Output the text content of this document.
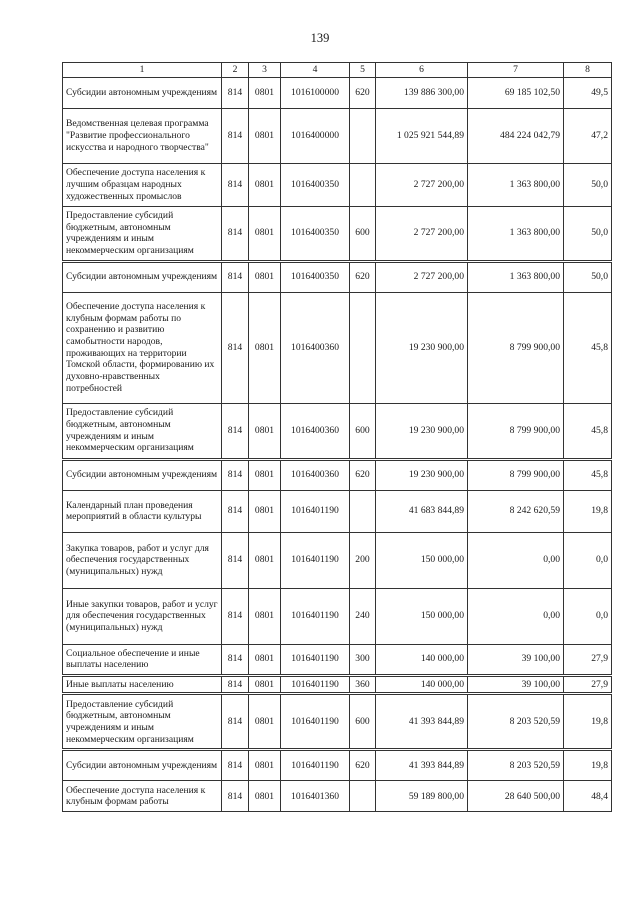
139
1	2	3	4	5	6	7	8
Субсидии автономным учреждениям	814	0801	1016100000	620	139 886 300,00	69 185 102,50	49,5
Ведомственная целевая программа "Развитие профессионального искусства и народного творчества"	814	0801	1016400000		1 025 921 544,89	484 224 042,79	47,2
Обеспечение доступа населения к лучшим образцам народных художественных промыслов	814	0801	1016400350		2 727 200,00	1 363 800,00	50,0
Предоставление субсидий бюджетным, автономным учреждениям и иным некоммерческим организациям	814	0801	1016400350	600	2 727 200,00	1 363 800,00	50,0
Субсидии автономным учреждениям	814	0801	1016400350	620	2 727 200,00	1 363 800,00	50,0
Обеспечение доступа населения к клубным формам работы по сохранению и развитию самобытности народов, проживающих на территории Томской области, формированию их духовно-нравственных потребностей	814	0801	1016400360		19 230 900,00	8 799 900,00	45,8
Предоставление субсидий бюджетным, автономным учреждениям и иным некоммерческим организациям	814	0801	1016400360	600	19 230 900,00	8 799 900,00	45,8
Субсидии автономным учреждениям	814	0801	1016400360	620	19 230 900,00	8 799 900,00	45,8
Календарный план проведения мероприятий в области культуры	814	0801	1016401190		41 683 844,89	8 242 620,59	19,8
Закупка товаров, работ и услуг для обеспечения государственных (муниципальных) нужд	814	0801	1016401190	200	150 000,00	0,00	0,0
Иные закупки товаров, работ и услуг для обеспечения государственных (муниципальных) нужд	814	0801	1016401190	240	150 000,00	0,00	0,0
Социальное обеспечение и иные выплаты населению	814	0801	1016401190	300	140 000,00	39 100,00	27,9
Иные выплаты населению	814	0801	1016401190	360	140 000,00	39 100,00	27,9
Предоставление субсидий бюджетным, автономным учреждениям и иным некоммерческим организациям	814	0801	1016401190	600	41 393 844,89	8 203 520,59	19,8
Субсидии автономным учреждениям	814	0801	1016401190	620	41 393 844,89	8 203 520,59	19,8
Обеспечение доступа населения к клубным формам работы	814	0801	1016401360		59 189 800,00	28 640 500,00	48,4
